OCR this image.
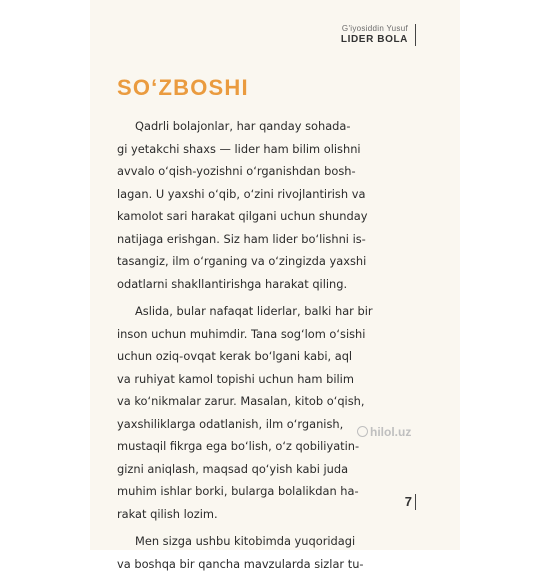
G'iyosiddin Yusuf
LIDER BOLA
SO‘ZBOSHI

Qadrli bolajonlar, har qanday sohada-
gi yetakchi shaxs — lider ham bilim olishni
avvalo o‘qish-yozishni o‘rganishdan bosh-
lagan. U yaxshi o‘qib, o‘zini rivojlantirish va
kamolot sari harakat qilgani uchun shunday
natijaga erishgan. Siz ham lider bo‘lishni is-
tasangiz, ilm o‘rganing va o‘zingizda yaxshi
odatlarni shakllantirishga harakat qiling.

Aslida, bular nafaqat liderlar, balki har bir
inson uchun muhimdir. Tana sog‘lom o‘sishi
uchun oziq-ovqat kerak bo‘lgani kabi, aql
va ruhiyat kamol topishi uchun ham bilim
va ko‘nikmalar zarur. Masalan, kitob o‘qish,
yaxshiliklarga odatlanish, ilm o‘rganish,
mustaqil fikrga ega bo‘lish, o‘z qobiliyatin-
gizni aniqlash, maqsad qo‘yish kabi juda
muhim ishlar borki, bularga bolalikdan ha-
rakat qilish lozim.

Men sizga ushbu kitobimda yuqoridagi
va boshqa bir qancha mavzularda sizlar tu-

hilol.uz
7
